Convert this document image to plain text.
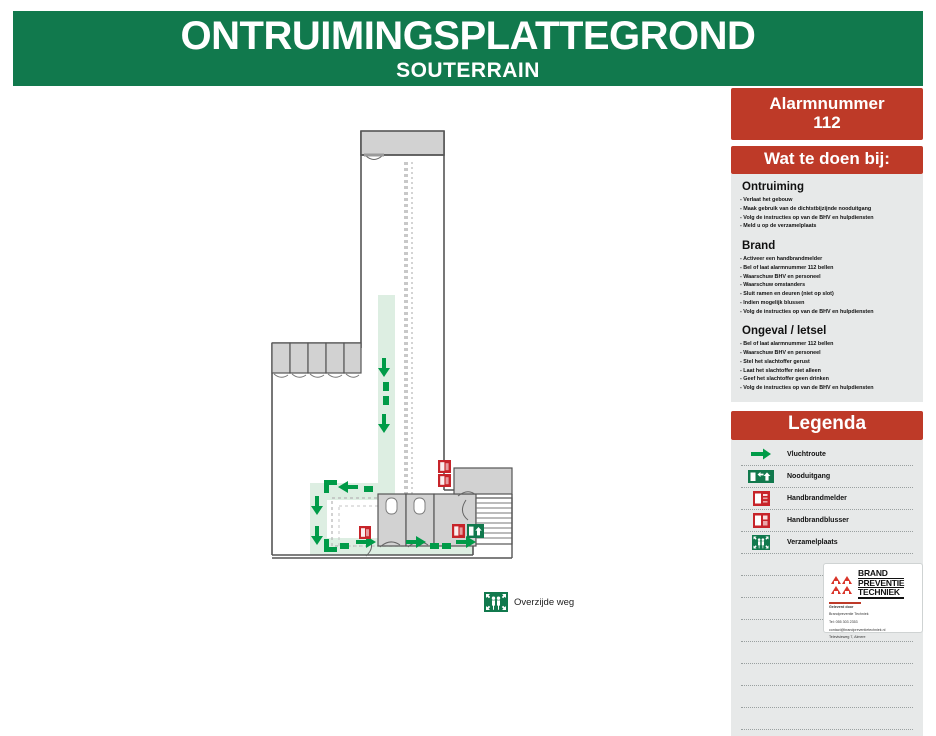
ONTRUIMINGSPLATTEGROND
SOUTERRAIN
Overzijde weg
Alarmnummer
112
Wat te doen bij:
Ontruiming
- Verlaat het gebouw
- Maak gebruik van de dichtstbijzijnde nooduitgang
- Volg de instructies op van de BHV en hulpdiensten
- Meld u op de verzamelplaats
Brand
- Activeer een handbrandmelder
- Bel of laat alarmnummer 112 bellen
- Waarschuw BHV en personeel
- Waarschuw omstanders
- Sluit ramen en deuren (niet op slot)
- Indien mogelijk blussen
- Volg de instructies op van de BHV en hulpdiensten
Ongeval / letsel
- Bel of laat alarmnummer 112 bellen
- Waarschuw BHV en personeel
- Stel het slachtoffer gerust
- Laat het slachtoffer niet alleen
- Geef het slachtoffer geen drinken
- Volg de instructies op van de BHV en hulpdiensten
Legenda
Vluchtroute
Nooduitgang
Handbrandmelder
Handbrandblusser
Verzamelplaats
BRAND
PREVENTIE
TECHNIEK
Geleverd door
Brandpreventie Techniek
Tel: 055 303 2353
contact@brandpreventietechniek.nl
Televisieweg 7, Almere
